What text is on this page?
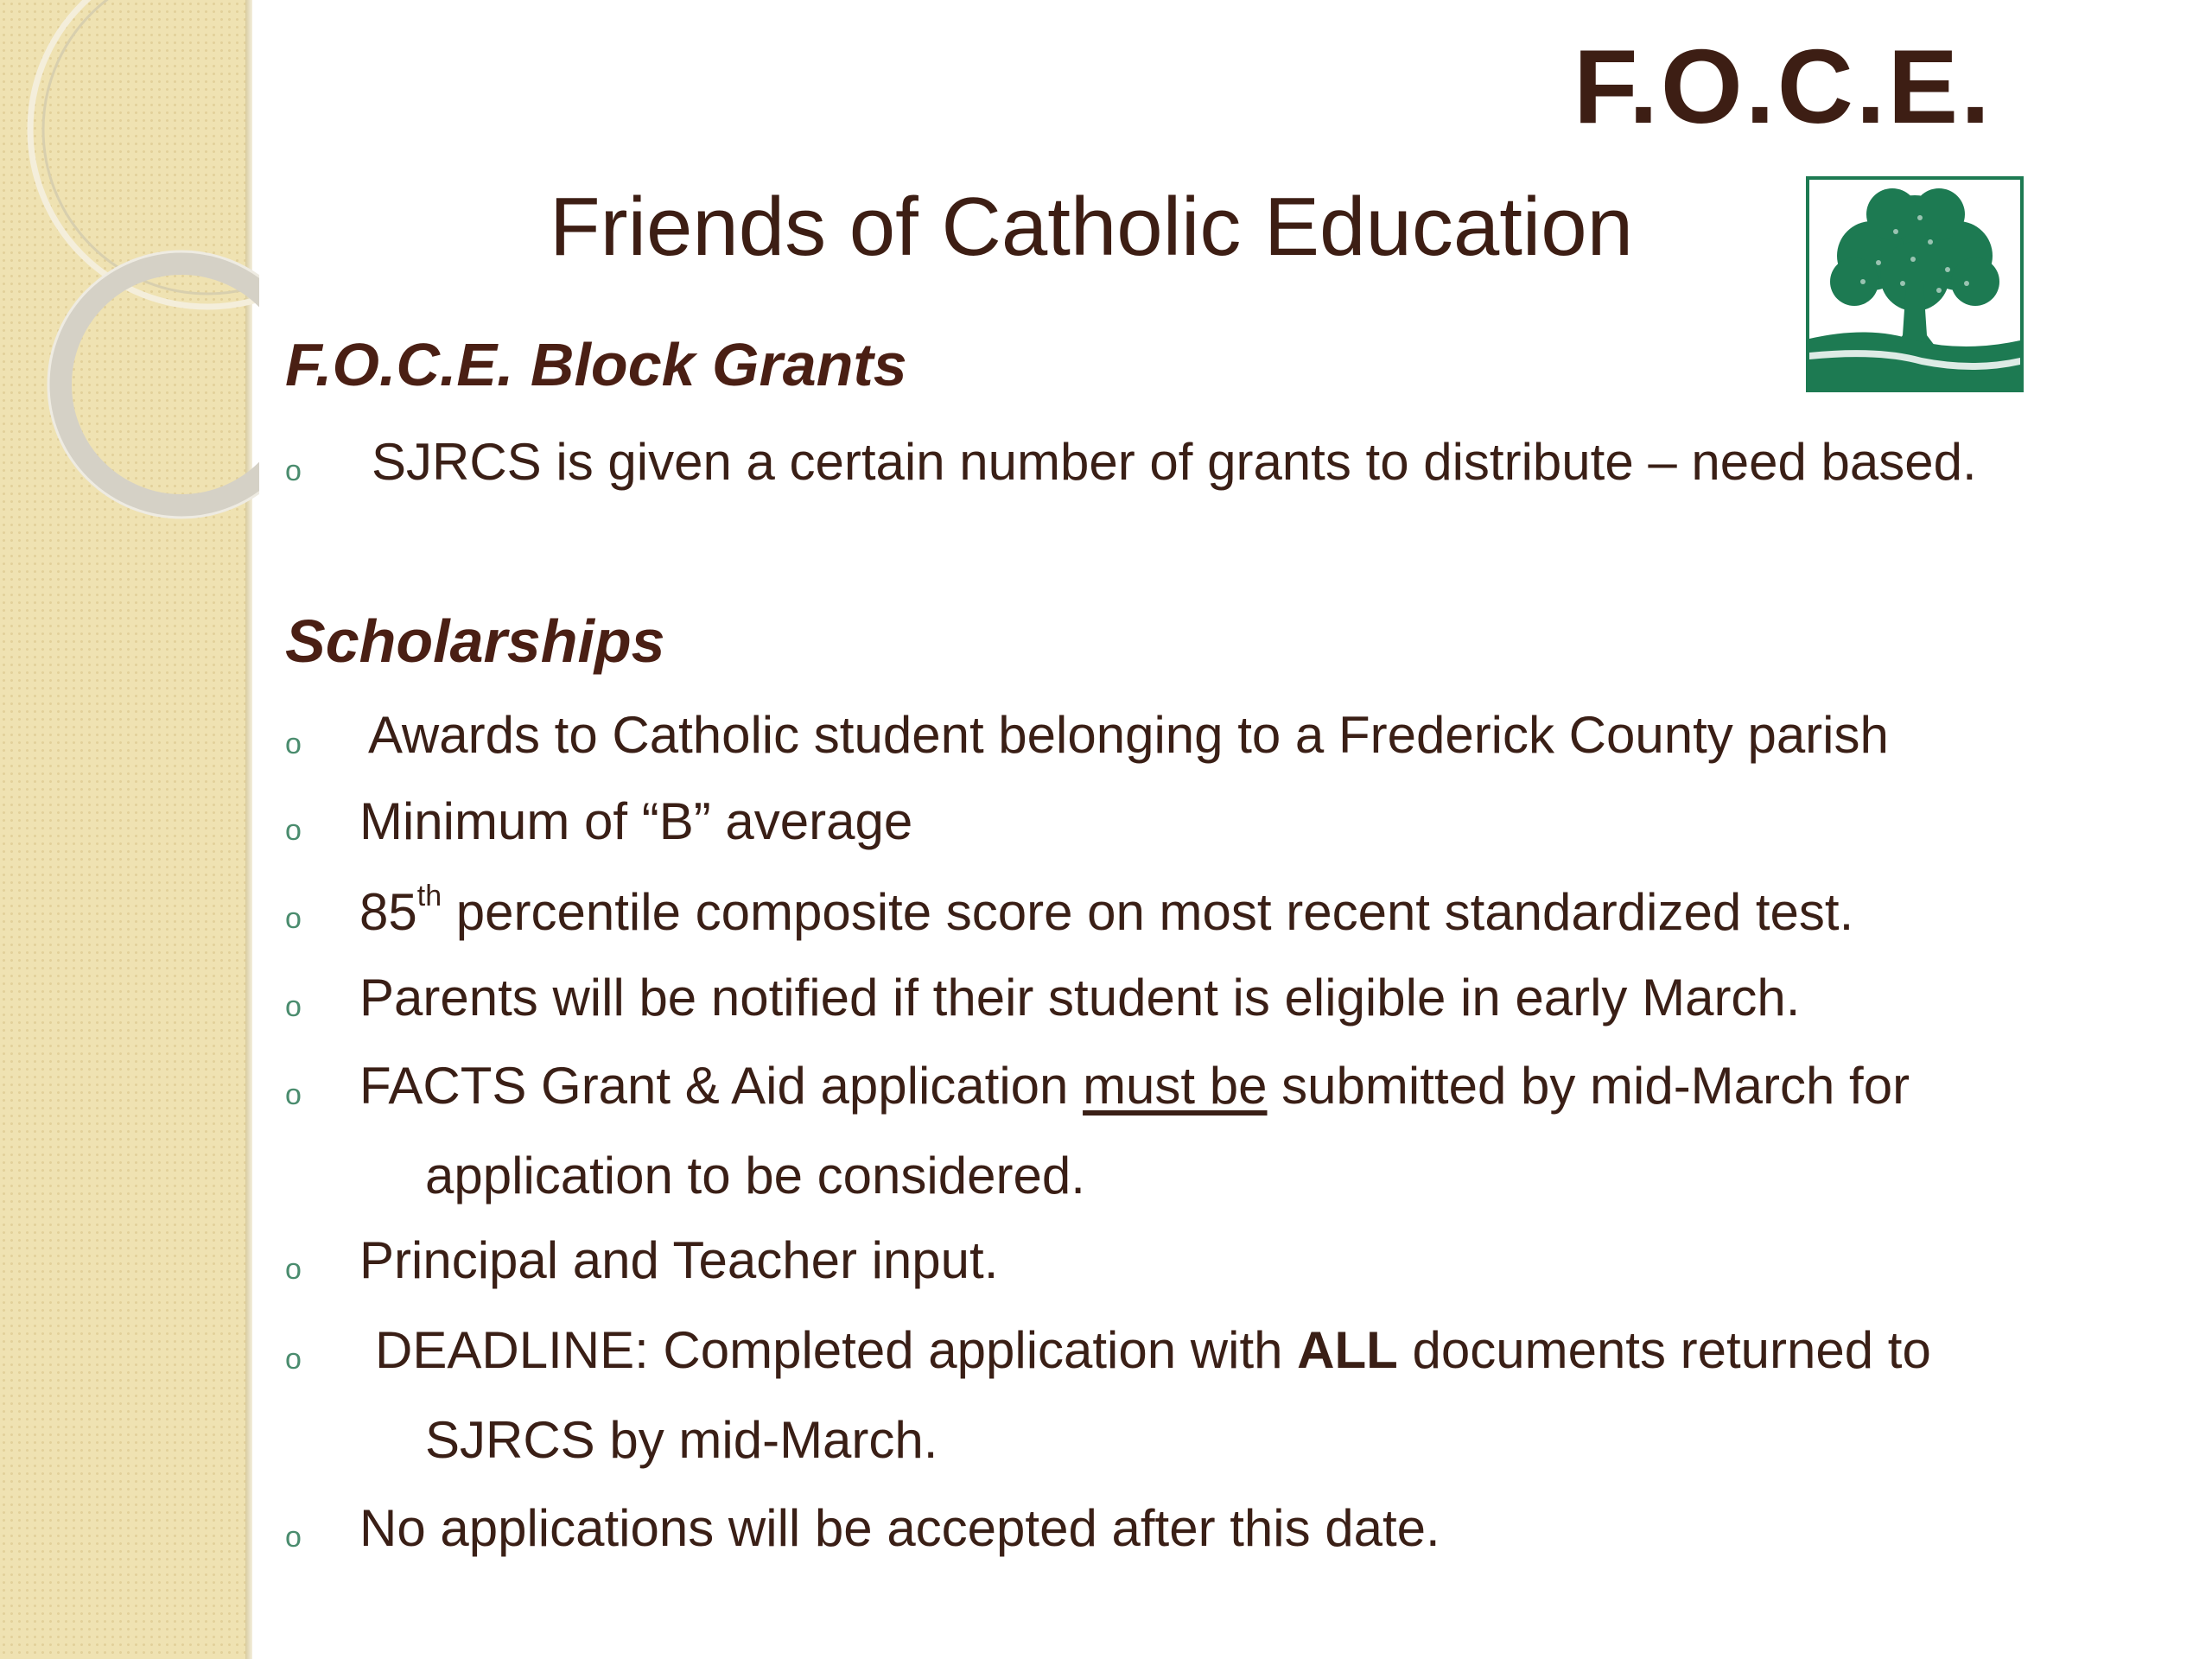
F.O.C.E.
Friends of Catholic Education
F.O.C.E. Block Grants
o SJRCS is given a certain number of grants to distribute – need based.
Scholarships
o Awards to Catholic student belonging to a Frederick County parish
o Minimum of “B” average
o 85th percentile composite score on most recent standardized test.
o Parents will be notified if their student is eligible in early March.
o FACTS Grant & Aid application must be submitted by mid-March for
application to be considered.
o Principal and Teacher input.
o DEADLINE: Completed application with ALL documents returned to
SJRCS by mid-March.
o No applications will be accepted after this date.
